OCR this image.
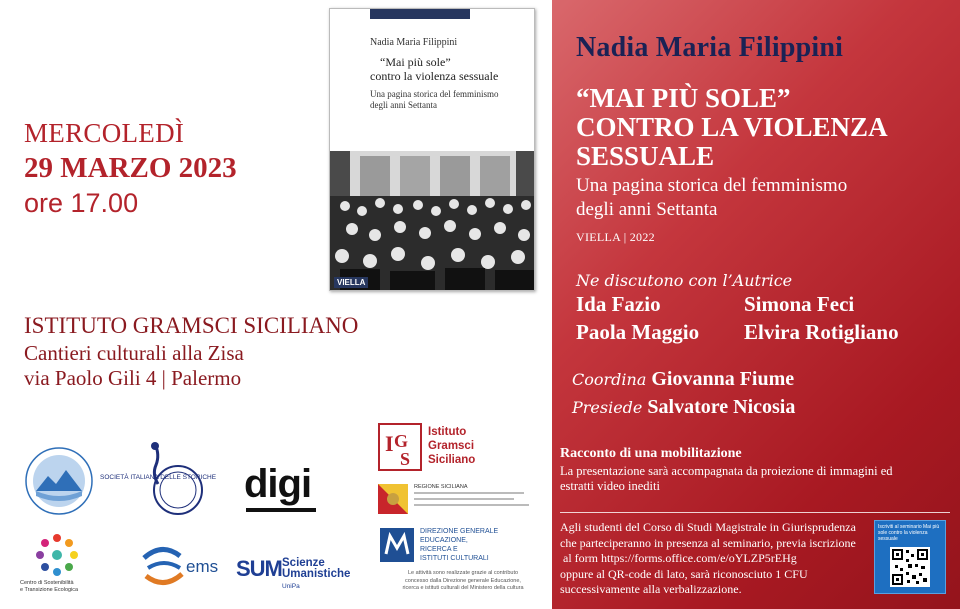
MERCOLEDÌ
29 MARZO 2023
ore 17.00
Nadia Maria Filippini
“Mai più sole”
contro la violenza sessuale
Una pagina storica del femminismo
degli anni Settanta
VIELLA
ISTITUTO GRAMSCI SICILIANO
Cantieri culturali alla Zisa
via Paolo Gili 4 | Palermo
SOCIETÀ ITALIANA DELLE STORICHE digi
I G
S
Istituto
Gramsci
Siciliano
REGIONE SICILIANA
DIREZIONE GENERALE
EDUCAZIONE,
RICERCA E
ISTITUTI CULTURALI
Le attività sono realizzate grazie al contributo
concesso dalla Direzione generale Educazione,
ricerca e istituti culturali del Ministero della cultura
Centro di Sostenibilità
e Transizione Ecologica
ems SUM Scienze
Umanistiche
UniPa
Nadia Maria Filippini
“MAI PIÙ SOLE”
CONTRO LA VIOLENZA
SESSUALE
Una pagina storica del femminismo
degli anni Settanta
VIELLA | 2022
Ne discutono con l’Autrice
Ida Fazio	Simona Feci
Paola Maggio Elvira Rotigliano
Coordina Giovanna Fiume
Presiede Salvatore Nicosia
Racconto di una mobilitazione
La presentazione sarà accompagnata da proiezione di immagini ed estratti video inediti
Agli studenti del Corso di Studi Magistrale in Giurisprudenza
che parteciperanno in presenza al seminario, previa iscrizione
al form https://forms.office.com/e/oYLZP5rEHg
oppure al QR-code di lato, sarà riconosciuto 1 CFU
successivamente alla verbalizzazione.
Iscriviti al seminario Mai più sole contro la violenza sessuale
